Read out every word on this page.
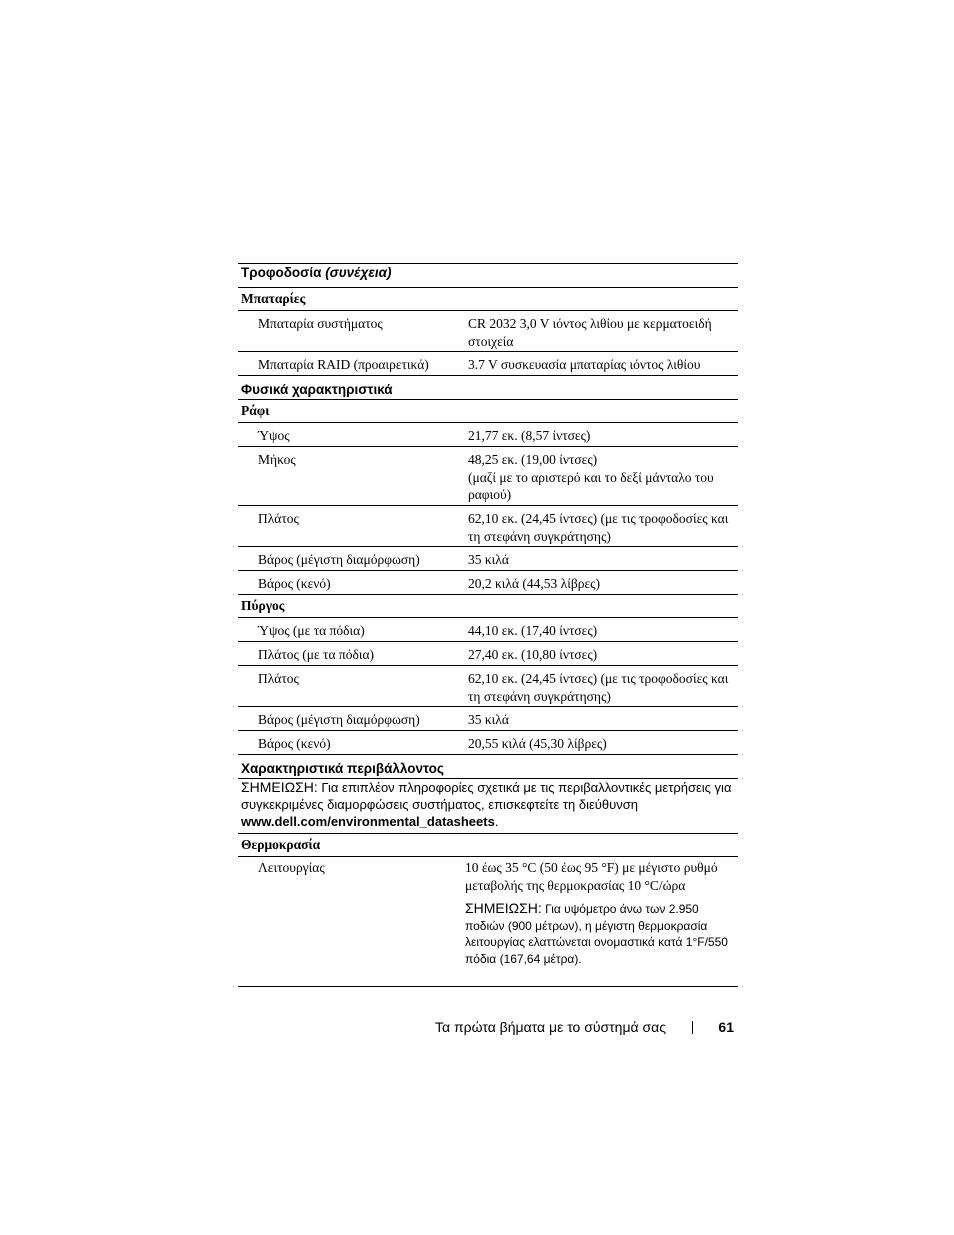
Τροφοδοσία (συνέχεια)
Μπαταρίες
Μπαταρία συστήματος	CR 2032 3,0 V ιόντος λιθίου με κερματοειδή στοιχεία
Μπαταρία RAID (προαιρετικά)	3.7 V συσκευασία μπαταρίας ιόντος λιθίου
Φυσικά χαρακτηριστικά
Ράφι
Ύψος	21,77 εκ. (8,57 ίντσες)
Μήκος	48,25 εκ. (19,00 ίντσες)
(μαζί με το αριστερό και το δεξί μάνταλο του ραφιού)
Πλάτος	62,10 εκ. (24,45 ίντσες) (με τις τροφοδοσίες και τη στεφάνη συγκράτησης)
Βάρος (μέγιστη διαμόρφωση)	35 κιλά
Βάρος (κενό)	20,2 κιλά (44,53 λίβρες)
Πύργος
Ύψος (με τα πόδια)	44,10 εκ. (17,40 ίντσες)
Πλάτος (με τα πόδια)	27,40 εκ. (10,80 ίντσες)
Πλάτος	62,10 εκ. (24,45 ίντσες) (με τις τροφοδοσίες και τη στεφάνη συγκράτησης)
Βάρος (μέγιστη διαμόρφωση)	35 κιλά
Βάρος (κενό)	20,55 κιλά (45,30 λίβρες)
Χαρακτηριστικά περιβάλλοντος
ΣΗΜΕΙΩΣΗ: Για επιπλέον πληροφορίες σχετικά με τις περιβαλλοντικές μετρήσεις για συγκεκριμένες διαμορφώσεις συστήματος, επισκεφτείτε τη διεύθυνση www.dell.com/environmental_datasheets.
Θερμοκρασία
Λειτουργίας	10 έως 35 °C (50 έως 95 °F) με μέγιστο ρυθμό μεταβολής της θερμοκρασίας 10 °C/ώρα
ΣΗΜΕΙΩΣΗ: Για υψόμετρο άνω των 2.950 ποδιών (900 μέτρων), η μέγιστη θερμοκρασία λειτουργίας ελαττώνεται ονομαστικά κατά 1°F/550 πόδια (167,64 μέτρα).
Τα πρώτα βήματα με το σύστημά σας	61
